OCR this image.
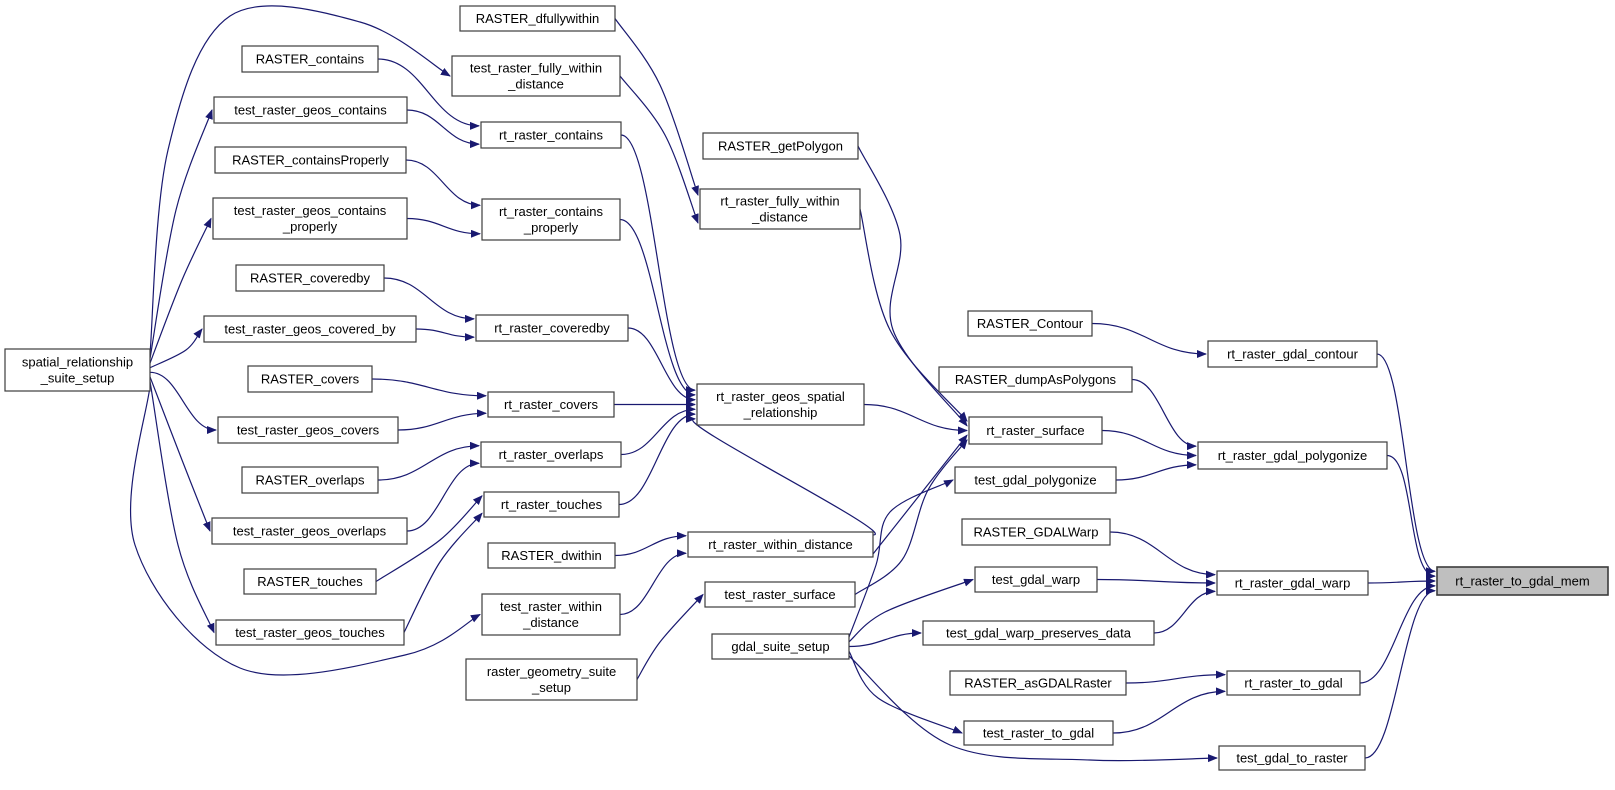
spatial_relationship
_suite_setup
RASTER_contains
test_raster_geos_contains
RASTER_containsProperly
test_raster_geos_contains
_properly
RASTER_coveredby
test_raster_geos_covered_by
RASTER_covers
test_raster_geos_covers
RASTER_overlaps
test_raster_geos_overlaps
RASTER_touches
test_raster_geos_touches
RASTER_dfullywithin
test_raster_fully_within
_distance
rt_raster_contains
rt_raster_contains
_properly
rt_raster_coveredby
rt_raster_covers
rt_raster_overlaps
rt_raster_touches
RASTER_dwithin
test_raster_within
_distance
raster_geometry_suite
_setup
RASTER_getPolygon
rt_raster_fully_within
_distance
rt_raster_geos_spatial
_relationship
rt_raster_within_distance
test_raster_surface
gdal_suite_setup
RASTER_Contour
RASTER_dumpAsPolygons
rt_raster_surface
test_gdal_polygonize
RASTER_GDALWarp
test_gdal_warp
test_gdal_warp_preserves_data
RASTER_asGDALRaster
test_raster_to_gdal
rt_raster_gdal_contour
rt_raster_gdal_polygonize
rt_raster_gdal_warp
rt_raster_to_gdal
test_gdal_to_raster
rt_raster_to_gdal_mem
